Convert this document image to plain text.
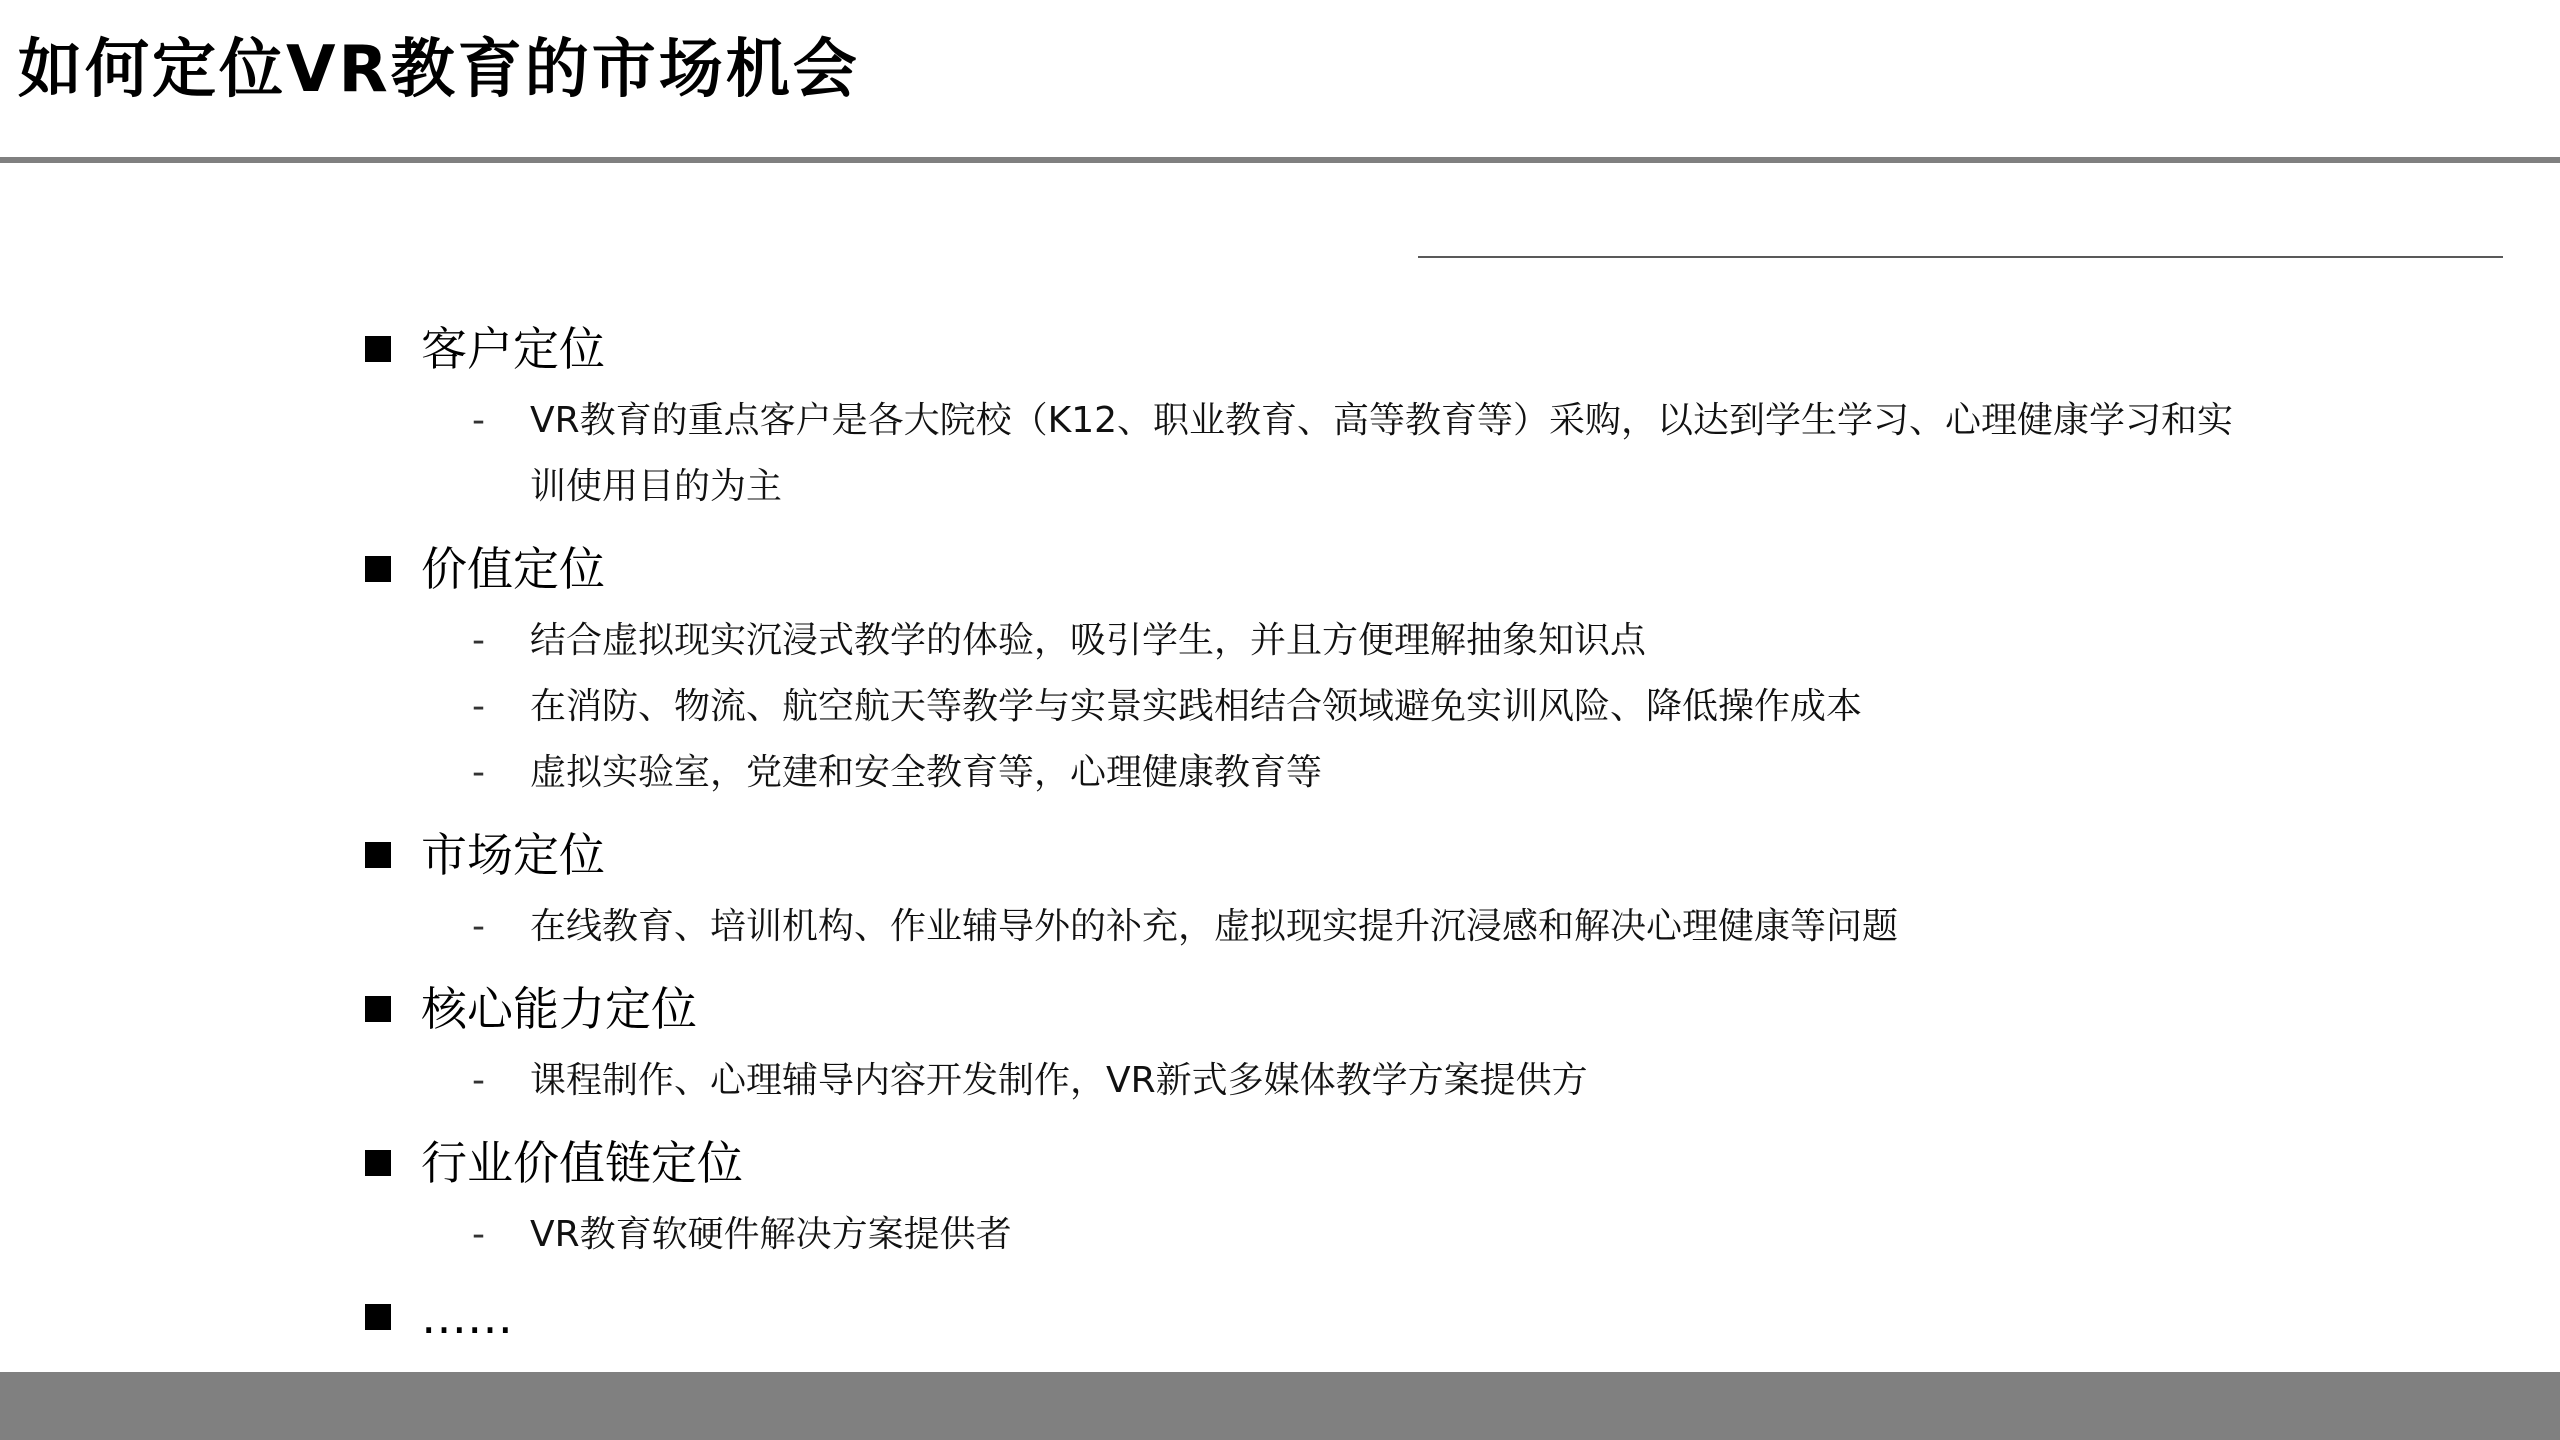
如何定位VR教育的市场机会
客户定位
-	VR教育的重点客户是各大院校（K12、职业教育、高等教育等）采购，以达到学生学习、心理健康学习和实训使用目的为主
价值定位
-	结合虚拟现实沉浸式教学的体验，吸引学生，并且方便理解抽象知识点
-	在消防、物流、航空航天等教学与实景实践相结合领域避免实训风险、降低操作成本
-	虚拟实验室，党建和安全教育等，心理健康教育等
市场定位
-	在线教育、培训机构、作业辅导外的补充，虚拟现实提升沉浸感和解决心理健康等问题
核心能力定位
-	课程制作、心理辅导内容开发制作，VR新式多媒体教学方案提供方
行业价值链定位
-	VR教育软硬件解决方案提供者
……
